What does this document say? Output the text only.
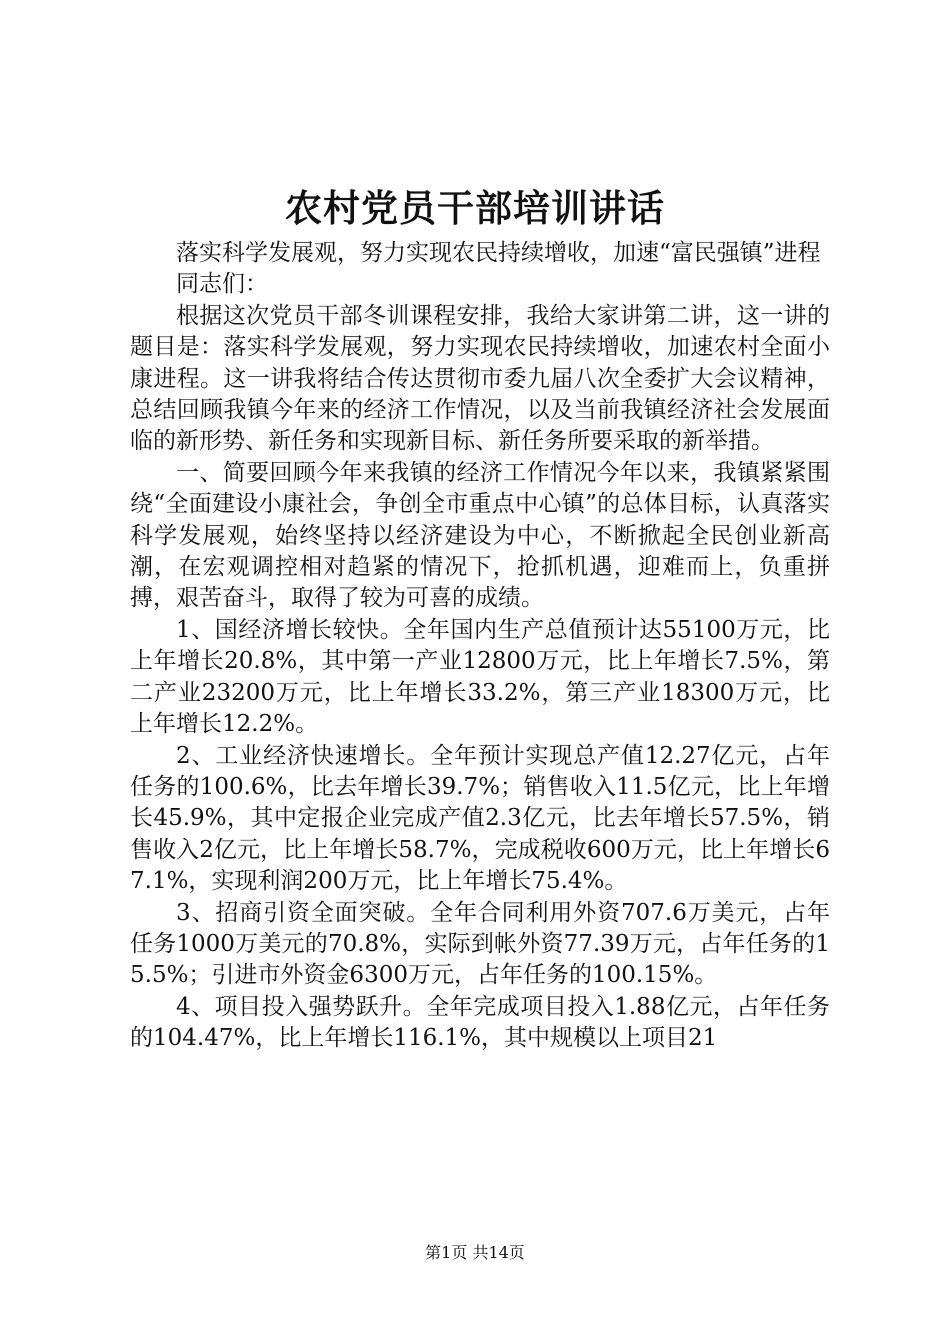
农村党员干部培训讲话

落实科学发展观，努力实现农民持续增收，加速“富民强镇”进程

同志们：

根据这次党员干部冬训课程安排，我给大家讲第二讲，这一讲的题目是：落实科学发展观，努力实现农民持续增收，加速农村全面小康进程。这一讲我将结合传达贯彻市委九届八次全委扩大会议精神，总结回顾我镇今年来的经济工作情况，以及当前我镇经济社会发展面临的新形势、新任务和实现新目标、新任务所要采取的新举措。

一、简要回顾今年来我镇的经济工作情况今年以来，我镇紧紧围绕“全面建设小康社会，争创全市重点中心镇”的总体目标，认真落实科学发展观，始终坚持以经济建设为中心，不断掀起全民创业新高潮，在宏观调控相对趋紧的情况下，抢抓机遇，迎难而上，负重拼搏，艰苦奋斗，取得了较为可喜的成绩。

1、国经济增长较快。全年国内生产总值预计达55100万元，比上年增长20.8%，其中第一产业12800万元，比上年增长7.5%，第二产业23200万元，比上年增长33.2%，第三产业18300万元，比上年增长12.2%。

2、工业经济快速增长。全年预计实现总产值12.27亿元，占年任务的100.6%，比去年增长39.7%；销售收入11.5亿元，比上年增长45.9%，其中定报企业完成产值2.3亿元，比去年增长57.5%，销售收入2亿元，比上年增长58.7%，完成税收600万元，比上年增长67.1%，实现利润200万元，比上年增长75.4%。

3、招商引资全面突破。全年合同利用外资707.6万美元，占年任务1000万美元的70.8%，实际到帐外资77.39万元，占年任务的15.5%；引进市外资金6300万元，占年任务的100.15%。

4、项目投入强势跃升。全年完成项目投入1.88亿元，占年任务的104.47%，比上年增长116.1%，其中规模以上项目21

第1页 共14页
